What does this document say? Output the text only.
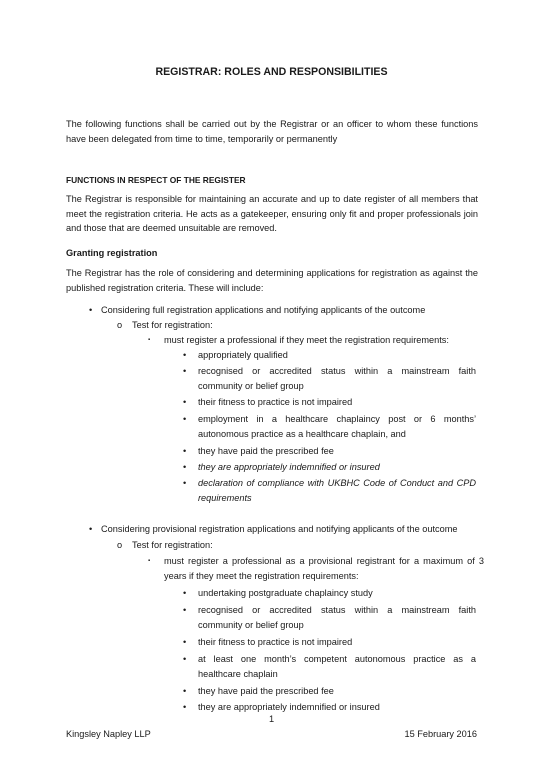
REGISTRAR: ROLES AND RESPONSIBILITIES

The following functions shall be carried out by the Registrar or an officer to whom these functions have been delegated from time to time, temporarily or permanently

FUNCTIONS IN RESPECT OF THE REGISTER

The Registrar is responsible for maintaining an accurate and up to date register of all members that meet the registration criteria. He acts as a gatekeeper, ensuring only fit and proper professionals join and those that are deemed unsuitable are removed.

Granting registration

The Registrar has the role of considering and determining applications for registration as against the published registration criteria. These will include:

•
Considering full registration applications and notifying applicants of the outcome
o
Test for registration:
▪
must register a professional if they meet the registration requirements:
•
appropriately qualified
•
recognised or accredited status within a mainstream faith community or belief group
•
their fitness to practice is not impaired
•
employment in a healthcare chaplaincy post or 6 months’ autonomous practice as a healthcare chaplain, and
•
they have paid the prescribed fee
•
they are appropriately indemnified or insured
•
declaration of compliance with UKBHC Code of Conduct and CPD requirements
•
Considering provisional registration applications and notifying applicants of the outcome
o
Test for registration:
▪
must register a professional as a provisional registrant for a maximum of 3 years if they meet the registration requirements:
•
undertaking postgraduate chaplaincy study
•
recognised or accredited status within a mainstream faith community or belief group
•
their fitness to practice is not impaired
•
at least one month’s competent autonomous practice as a healthcare chaplain
•
they have paid the prescribed fee
•
they are appropriately indemnified or insured
1
Kingsley Napley LLP	15 February 2016
